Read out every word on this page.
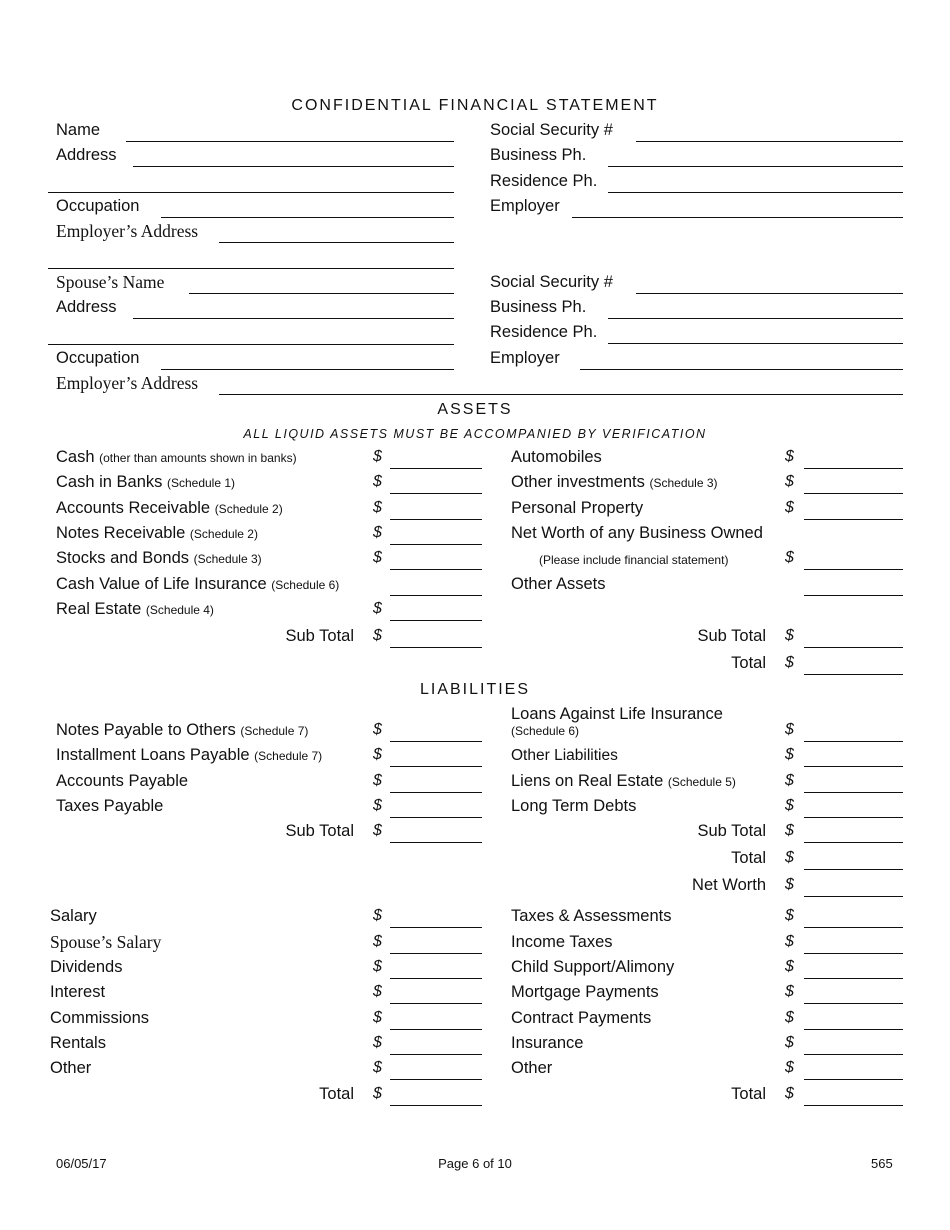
CONFIDENTIAL FINANCIAL STATEMENT
Name	Social Security #
Address	Business Ph.
Residence Ph.
Occupation	Employer
Employer’s Address
Spouse’s Name	Social Security #
Address	Business Ph.
Residence Ph.
Occupation	Employer
Employer’s Address
ASSETS
ALL LIQUID ASSETS MUST BE ACCOMPANIED BY VERIFICATION
Cash (other than amounts shown in banks)	$
Cash in Banks (Schedule 1)	$
Accounts Receivable (Schedule 2)	$
Notes Receivable (Schedule 2)	$
Stocks and Bonds (Schedule 3)	$
Cash Value of Life Insurance (Schedule 6)
Real Estate (Schedule 4)	$
Sub Total $
Automobiles	$
Other investments (Schedule 3)	$
Personal Property	$
Net Worth of any Business Owned
(Please include financial statement)	$
Other Assets
Sub Total $
Total $
LIABILITIES
Notes Payable to Others (Schedule 7)	$
Installment Loans Payable (Schedule 7)	$
Accounts Payable	$
Taxes Payable	$
Sub Total $
Loans Against Life Insurance
(Schedule 6)	$
Other Liabilities	$
Liens on Real Estate (Schedule 5)	$
Long Term Debts	$
Sub Total $
Total $
Net Worth $
Salary	$
Spouse’s Salary	$
Dividends	$
Interest	$
Commissions	$
Rentals	$
Other	$
Total $
Taxes & Assessments	$
Income Taxes	$
Child Support/Alimony	$
Mortgage Payments	$
Contract Payments	$
Insurance	$
Other	$
Total $
06/05/17	Page 6 of 10	565
